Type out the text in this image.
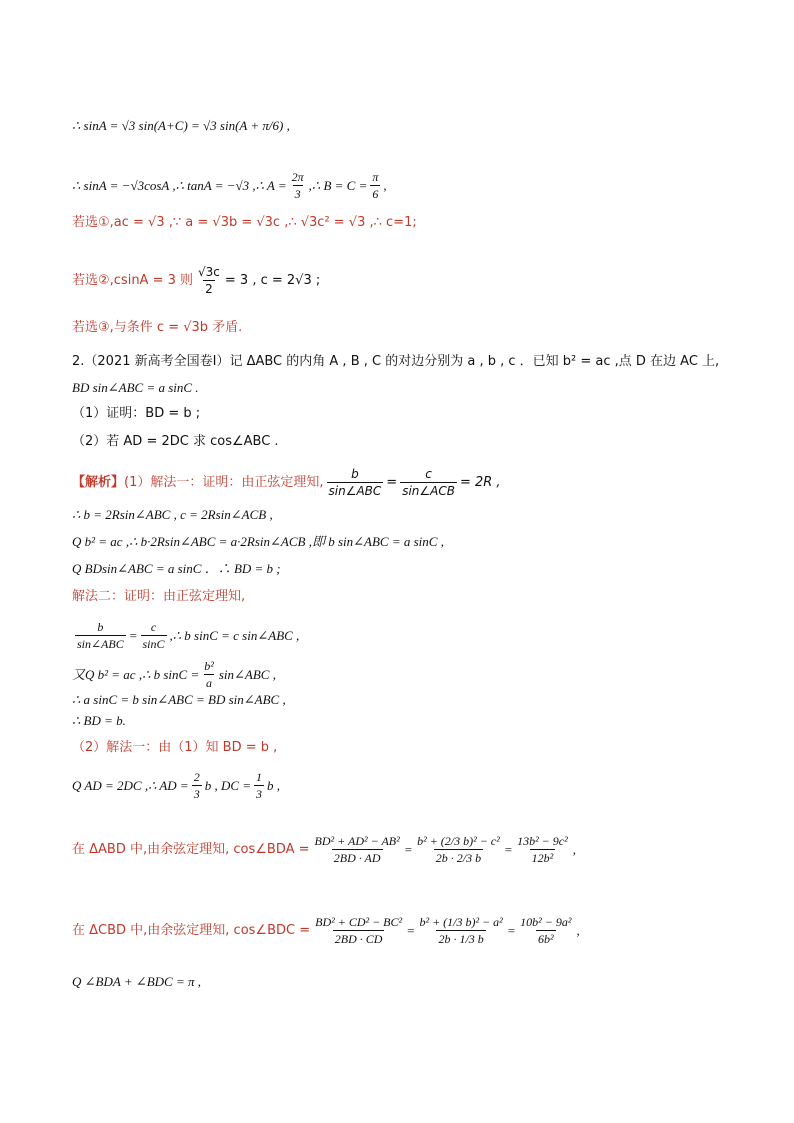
∴ sinA = √3 sin(A+C) = √3 sin(A + π/6) ,
∴ sinA = −√3cosA ,∴ tanA = −√3 ,∴ $A = \frac{2\pi}{3}$ ,∴ $B = C = \frac{\pi}{6}$ ,
若选①,ac = √3 ,∵ a = √3b = √3c ,∴ √3c² = √3 ,∴ c=1;
若选②,csinA = 3 则 $\frac{√3c}{2} = 3$ , c = 2√3 ;
若选③,与条件 c = √3b 矛盾.
2.（2021 新高考全国卷Ⅰ）记 ΔABC 的内角 A , B , C 的对边分别为 a , b , c ．已知 b² = ac ,点 D 在边 AC 上,
BD sin∠ABC = a sinC .
（1）证明：BD = b ;
（2）若 AD = 2DC 求 cos∠ABC .
【解析】 (1）解法一：证明：由正弦定理知, $\frac{b}{\text{sin∠ABC}} = \frac{c}{\text{sin∠ACB}} = 2R$ ,
∴ b = 2Rsin∠ABC , c = 2Rsin∠ACB ,
Q b² = ac ,∴ b·2Rsin∠ABC = a·2Rsin∠ACB ,即 b sin∠ABC = a sinC ,
Q BDsin∠ABC = a sinC ．∴ BD = b ;
解法二：证明：由正弦定理知,
$\frac{b}{\text{sin∠ABC}} = \frac{c}{\sin C}$ ,∴ b sinC = c sin∠ABC ,
又Q b² = ac ,∴ b $\sin C = \frac{\text{b²}}{a}$ sin∠ABC ,
∴ a sinC = b sin∠ABC = BD sin∠ABC ,
∴ BD = b.
（2）解法一：由（1）知 BD = b ,
Q AD = 2DC ,∴ AD = $\frac{2}{3}$ b , DC = $\frac{1}{3}$ b ,
在 ΔABD 中,由余弦定理知, cos∠BDA = $\frac{\text{BD² + AD² − AB²}}{2BD \cdot AD} = \frac{\text{b² + (2/3 b)² − c²}}{2b \cdot 2/3 b} = \frac{\text{13b² − 9c²}}{\text{12b²}}$ ,
在 ΔCBD 中,由余弦定理知, cos∠BDC = $\frac{\text{BD² + CD² − BC²}}{2BD \cdot CD} = \frac{\text{b² + (1/3 b)² − a²}}{2b \cdot 1/3 b} = \frac{\text{10b² − 9a²}}{\text{6b²}}$ ,
Q ∠BDA + ∠BDC = π ,
